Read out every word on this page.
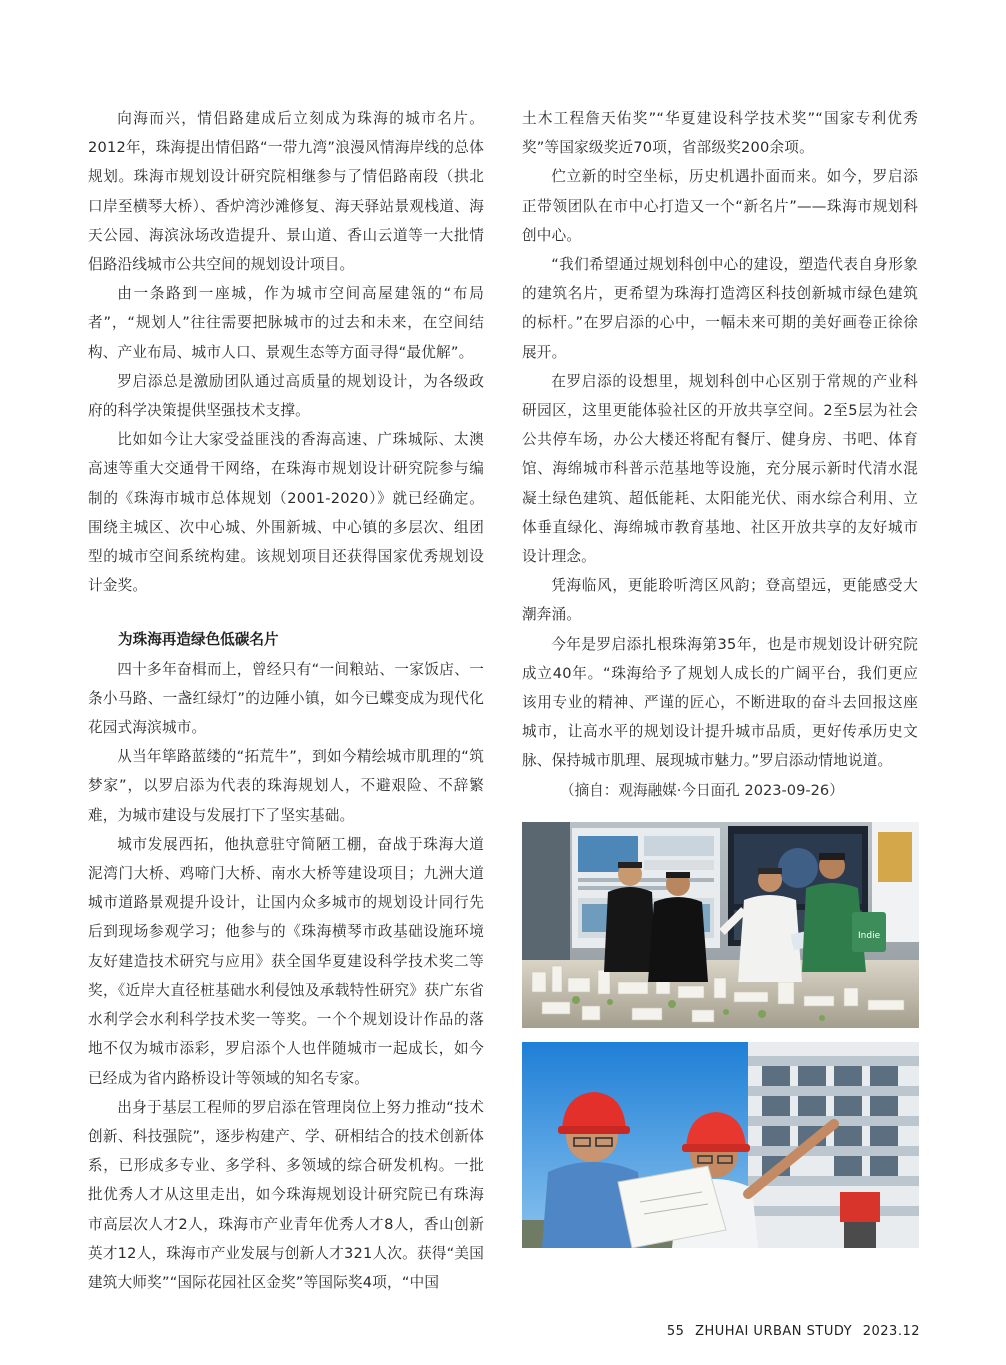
向海而兴，情侣路建成后立刻成为珠海的城市名片。2012年，珠海提出情侣路“一带九湾”浪漫风情海岸线的总体规划。珠海市规划设计研究院相继参与了情侣路南段（拱北口岸至横琴大桥）、香炉湾沙滩修复、海天驿站景观栈道、海天公园、海滨泳场改造提升、景山道、香山云道等一大批情侣路沿线城市公共空间的规划设计项目。

由一条路到一座城，作为城市空间高屋建瓴的“布局者”，“规划人”往往需要把脉城市的过去和未来，在空间结构、产业布局、城市人口、景观生态等方面寻得“最优解”。

罗启添总是激励团队通过高质量的规划设计，为各级政府的科学决策提供坚强技术支撑。

比如如今让大家受益匪浅的香海高速、广珠城际、太澳高速等重大交通骨干网络，在珠海市规划设计研究院参与编制的《珠海市城市总体规划（2001-2020）》就已经确定。围绕主城区、次中心城、外围新城、中心镇的多层次、组团型的城市空间系统构建。该规划项目还获得国家优秀规划设计金奖。

为珠海再造绿色低碳名片

四十多年奋楫而上，曾经只有“一间粮站、一家饭店、一条小马路、一盏红绿灯”的边陲小镇，如今已蝶变成为现代化花园式海滨城市。

从当年筚路蓝缕的“拓荒牛”，到如今精绘城市肌理的“筑梦家”，以罗启添为代表的珠海规划人，不避艰险、不辞繁难，为城市建设与发展打下了坚实基础。

城市发展西拓，他执意驻守简陋工棚，奋战于珠海大道泥湾门大桥、鸡啼门大桥、南水大桥等建设项目；九洲大道城市道路景观提升设计，让国内众多城市的规划设计同行先后到现场参观学习；他参与的《珠海横琴市政基础设施环境友好建造技术研究与应用》获全国华夏建设科学技术奖二等奖，《近岸大直径桩基础水利侵蚀及承载特性研究》获广东省水利学会水利科学技术奖一等奖。一个个规划设计作品的落地不仅为城市添彩，罗启添个人也伴随城市一起成长，如今已经成为省内路桥设计等领域的知名专家。

出身于基层工程师的罗启添在管理岗位上努力推动“技术创新、科技强院”，逐步构建产、学、研相结合的技术创新体系，已形成多专业、多学科、多领域的综合研发机构。一批批优秀人才从这里走出，如今珠海规划设计研究院已有珠海市高层次人才2人，珠海市产业青年优秀人才8人，香山创新英才12人，珠海市产业发展与创新人才321人次。获得“美国建筑大师奖”“国际花园社区金奖”等国际奖4项，“中国

土木工程詹天佑奖”“华夏建设科学技术奖”“国家专利优秀奖”等国家级奖近70项，省部级奖200余项。

伫立新的时空坐标，历史机遇扑面而来。如今，罗启添正带领团队在市中心打造又一个“新名片”——珠海市规划科创中心。

“我们希望通过规划科创中心的建设，塑造代表自身形象的建筑名片，更希望为珠海打造湾区科技创新城市绿色建筑的标杆。”在罗启添的心中，一幅未来可期的美好画卷正徐徐展开。

在罗启添的设想里，规划科创中心区别于常规的产业科研园区，这里更能体验社区的开放共享空间。2至5层为社会公共停车场，办公大楼还将配有餐厅、健身房、书吧、体育馆、海绵城市科普示范基地等设施，充分展示新时代清水混凝土绿色建筑、超低能耗、太阳能光伏、雨水综合利用、立体垂直绿化、海绵城市教育基地、社区开放共享的友好城市设计理念。

凭海临风，更能聆听湾区风韵；登高望远，更能感受大潮奔涌。

今年是罗启添扎根珠海第35年，也是市规划设计研究院成立40年。“珠海给予了规划人成长的广阔平台，我们更应该用专业的精神、严谨的匠心，不断进取的奋斗去回报这座城市，让高水平的规划设计提升城市品质，更好传承历史文脉、保持城市肌理、展现城市魅力。”罗启添动情地说道。

（摘自：观海融媒·今日面孔 2023-09-26）

Indie
55 ZHUHAI URBAN STUDY 2023.12
